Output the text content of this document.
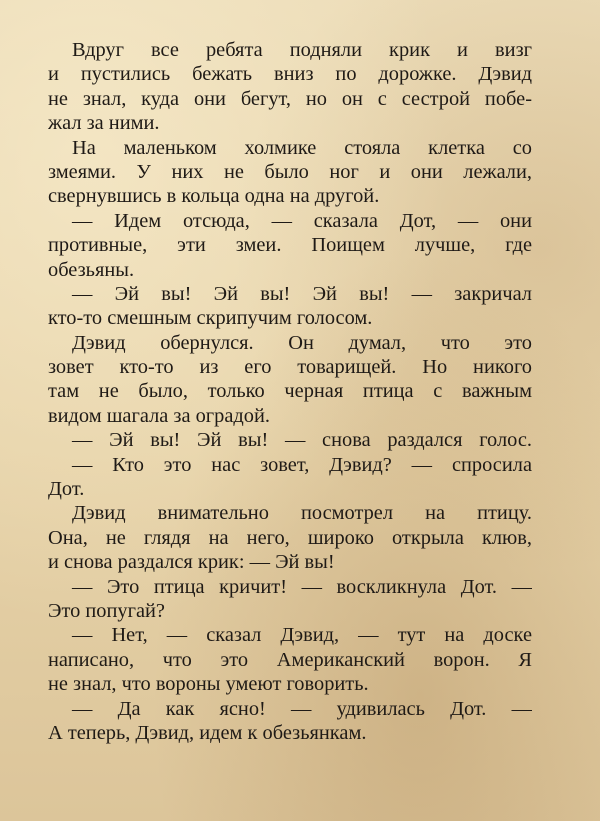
Вдруг все ребята подняли крик и визг
и пустились бежать вниз по дорожке. Дэвид
не знал, куда они бегут, но он с сестрой побе-
жал за ними.
На маленьком холмике стояла клетка со
змеями. У них не было ног и они лежали,
свернувшись в кольца одна на другой.
— Идем отсюда, — сказала Дот, — они
противные, эти змеи. Поищем лучше, где
обезьяны.
— Эй вы! Эй вы! Эй вы! — закричал
кто-то смешным скрипучим голосом.
Дэвид обернулся. Он думал, что это
зовет кто-то из его товарищей. Но никого
там не было, только черная птица с важным
видом шагала за оградой.
— Эй вы! Эй вы! — снова раздался голос.
— Кто это нас зовет, Дэвид? — спросила
Дот.
Дэвид внимательно посмотрел на птицу.
Она, не глядя на него, широко открыла клюв,
и снова раздался крик: — Эй вы!
— Это птица кричит! — воскликнула Дот. —
Это попугай?
— Нет, — сказал Дэвид, — тут на доске
написано, что это Американский ворон. Я
не знал, что вороны умеют говорить.
— Да как ясно! — удивилась Дот. —
А теперь, Дэвид, идем к обезьянкам.
